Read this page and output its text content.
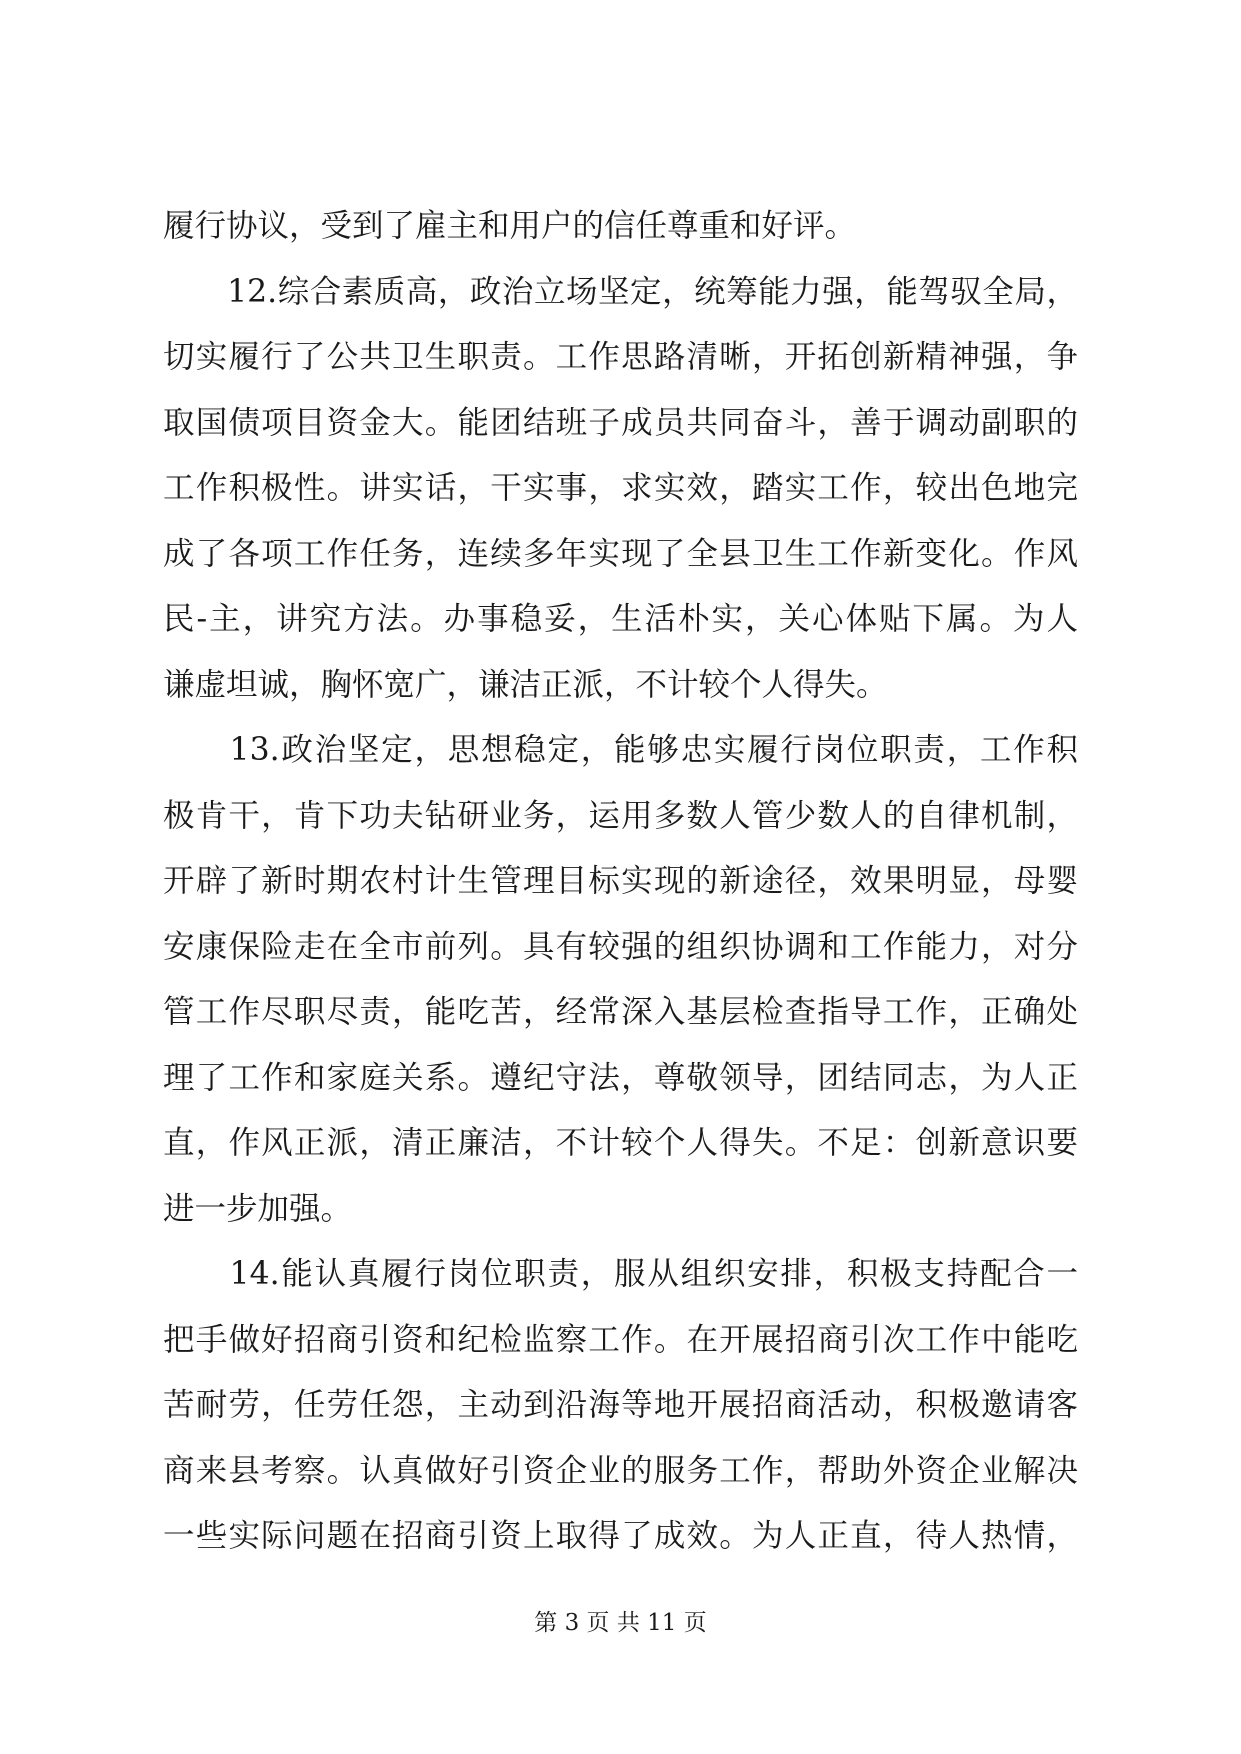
履行协议，受到了雇主和用户的信任尊重和好评。
　　12.综合素质高，政治立场坚定，统筹能力强，能驾驭全局，
切实履行了公共卫生职责。工作思路清晰，开拓创新精神强，争
取国债项目资金大。能团结班子成员共同奋斗，善于调动副职的
工作积极性。讲实话，干实事，求实效，踏实工作，较出色地完
成了各项工作任务，连续多年实现了全县卫生工作新变化。作风
民-主，讲究方法。办事稳妥，生活朴实，关心体贴下属。为人
谦虚坦诚，胸怀宽广，谦洁正派，不计较个人得失。
　　13.政治坚定，思想稳定，能够忠实履行岗位职责，工作积
极肯干，肯下功夫钻研业务，运用多数人管少数人的自律机制，
开辟了新时期农村计生管理目标实现的新途径，效果明显，母婴
安康保险走在全市前列。具有较强的组织协调和工作能力，对分
管工作尽职尽责，能吃苦，经常深入基层检查指导工作，正确处
理了工作和家庭关系。遵纪守法，尊敬领导，团结同志，为人正
直，作风正派，清正廉洁，不计较个人得失。不足：创新意识要
进一步加强。
　　14.能认真履行岗位职责，服从组织安排，积极支持配合一
把手做好招商引资和纪检监察工作。在开展招商引次工作中能吃
苦耐劳，任劳任怨，主动到沿海等地开展招商活动，积极邀请客
商来县考察。认真做好引资企业的服务工作，帮助外资企业解决
一些实际问题在招商引资上取得了成效。为人正直，待人热情，
第 3 页 共 11 页
